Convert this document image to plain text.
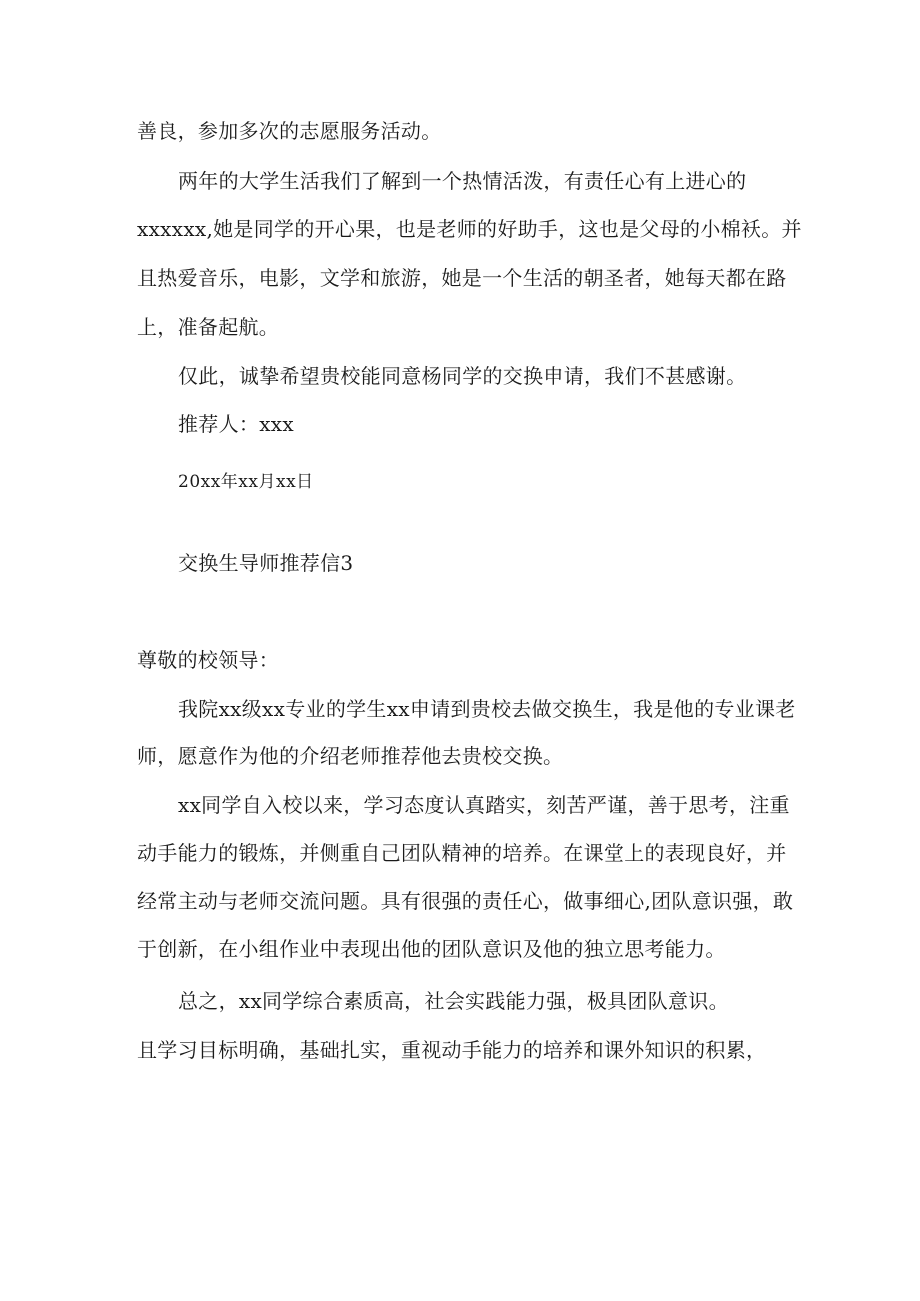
善良，参加多次的志愿服务活动。
两年的大学生活我们了解到一个热情活泼，有责任心有上进心的
xxxxxx,她是同学的开心果，也是老师的好助手，这也是父母的小棉袄。并
且热爱音乐，电影，文学和旅游，她是一个生活的朝圣者，她每天都在路
上，准备起航。
仅此，诚挚希望贵校能同意杨同学的交换申请，我们不甚感谢。
推荐人：xxx
20xx年xx月xx日
交换生导师推荐信3
尊敬的校领导：
我院xx级xx专业的学生xx申请到贵校去做交换生，我是他的专业课老
师，愿意作为他的介绍老师推荐他去贵校交换。
xx同学自入校以来，学习态度认真踏实，刻苦严谨，善于思考，注重
动手能力的锻炼，并侧重自己团队精神的培养。在课堂上的表现良好，并
经常主动与老师交流问题。具有很强的责任心，做事细心,团队意识强，敢
于创新，在小组作业中表现出他的团队意识及他的独立思考能力。
总之，xx同学综合素质高，社会实践能力强，极具团队意识。
且学习目标明确，基础扎实，重视动手能力的培养和课外知识的积累，
